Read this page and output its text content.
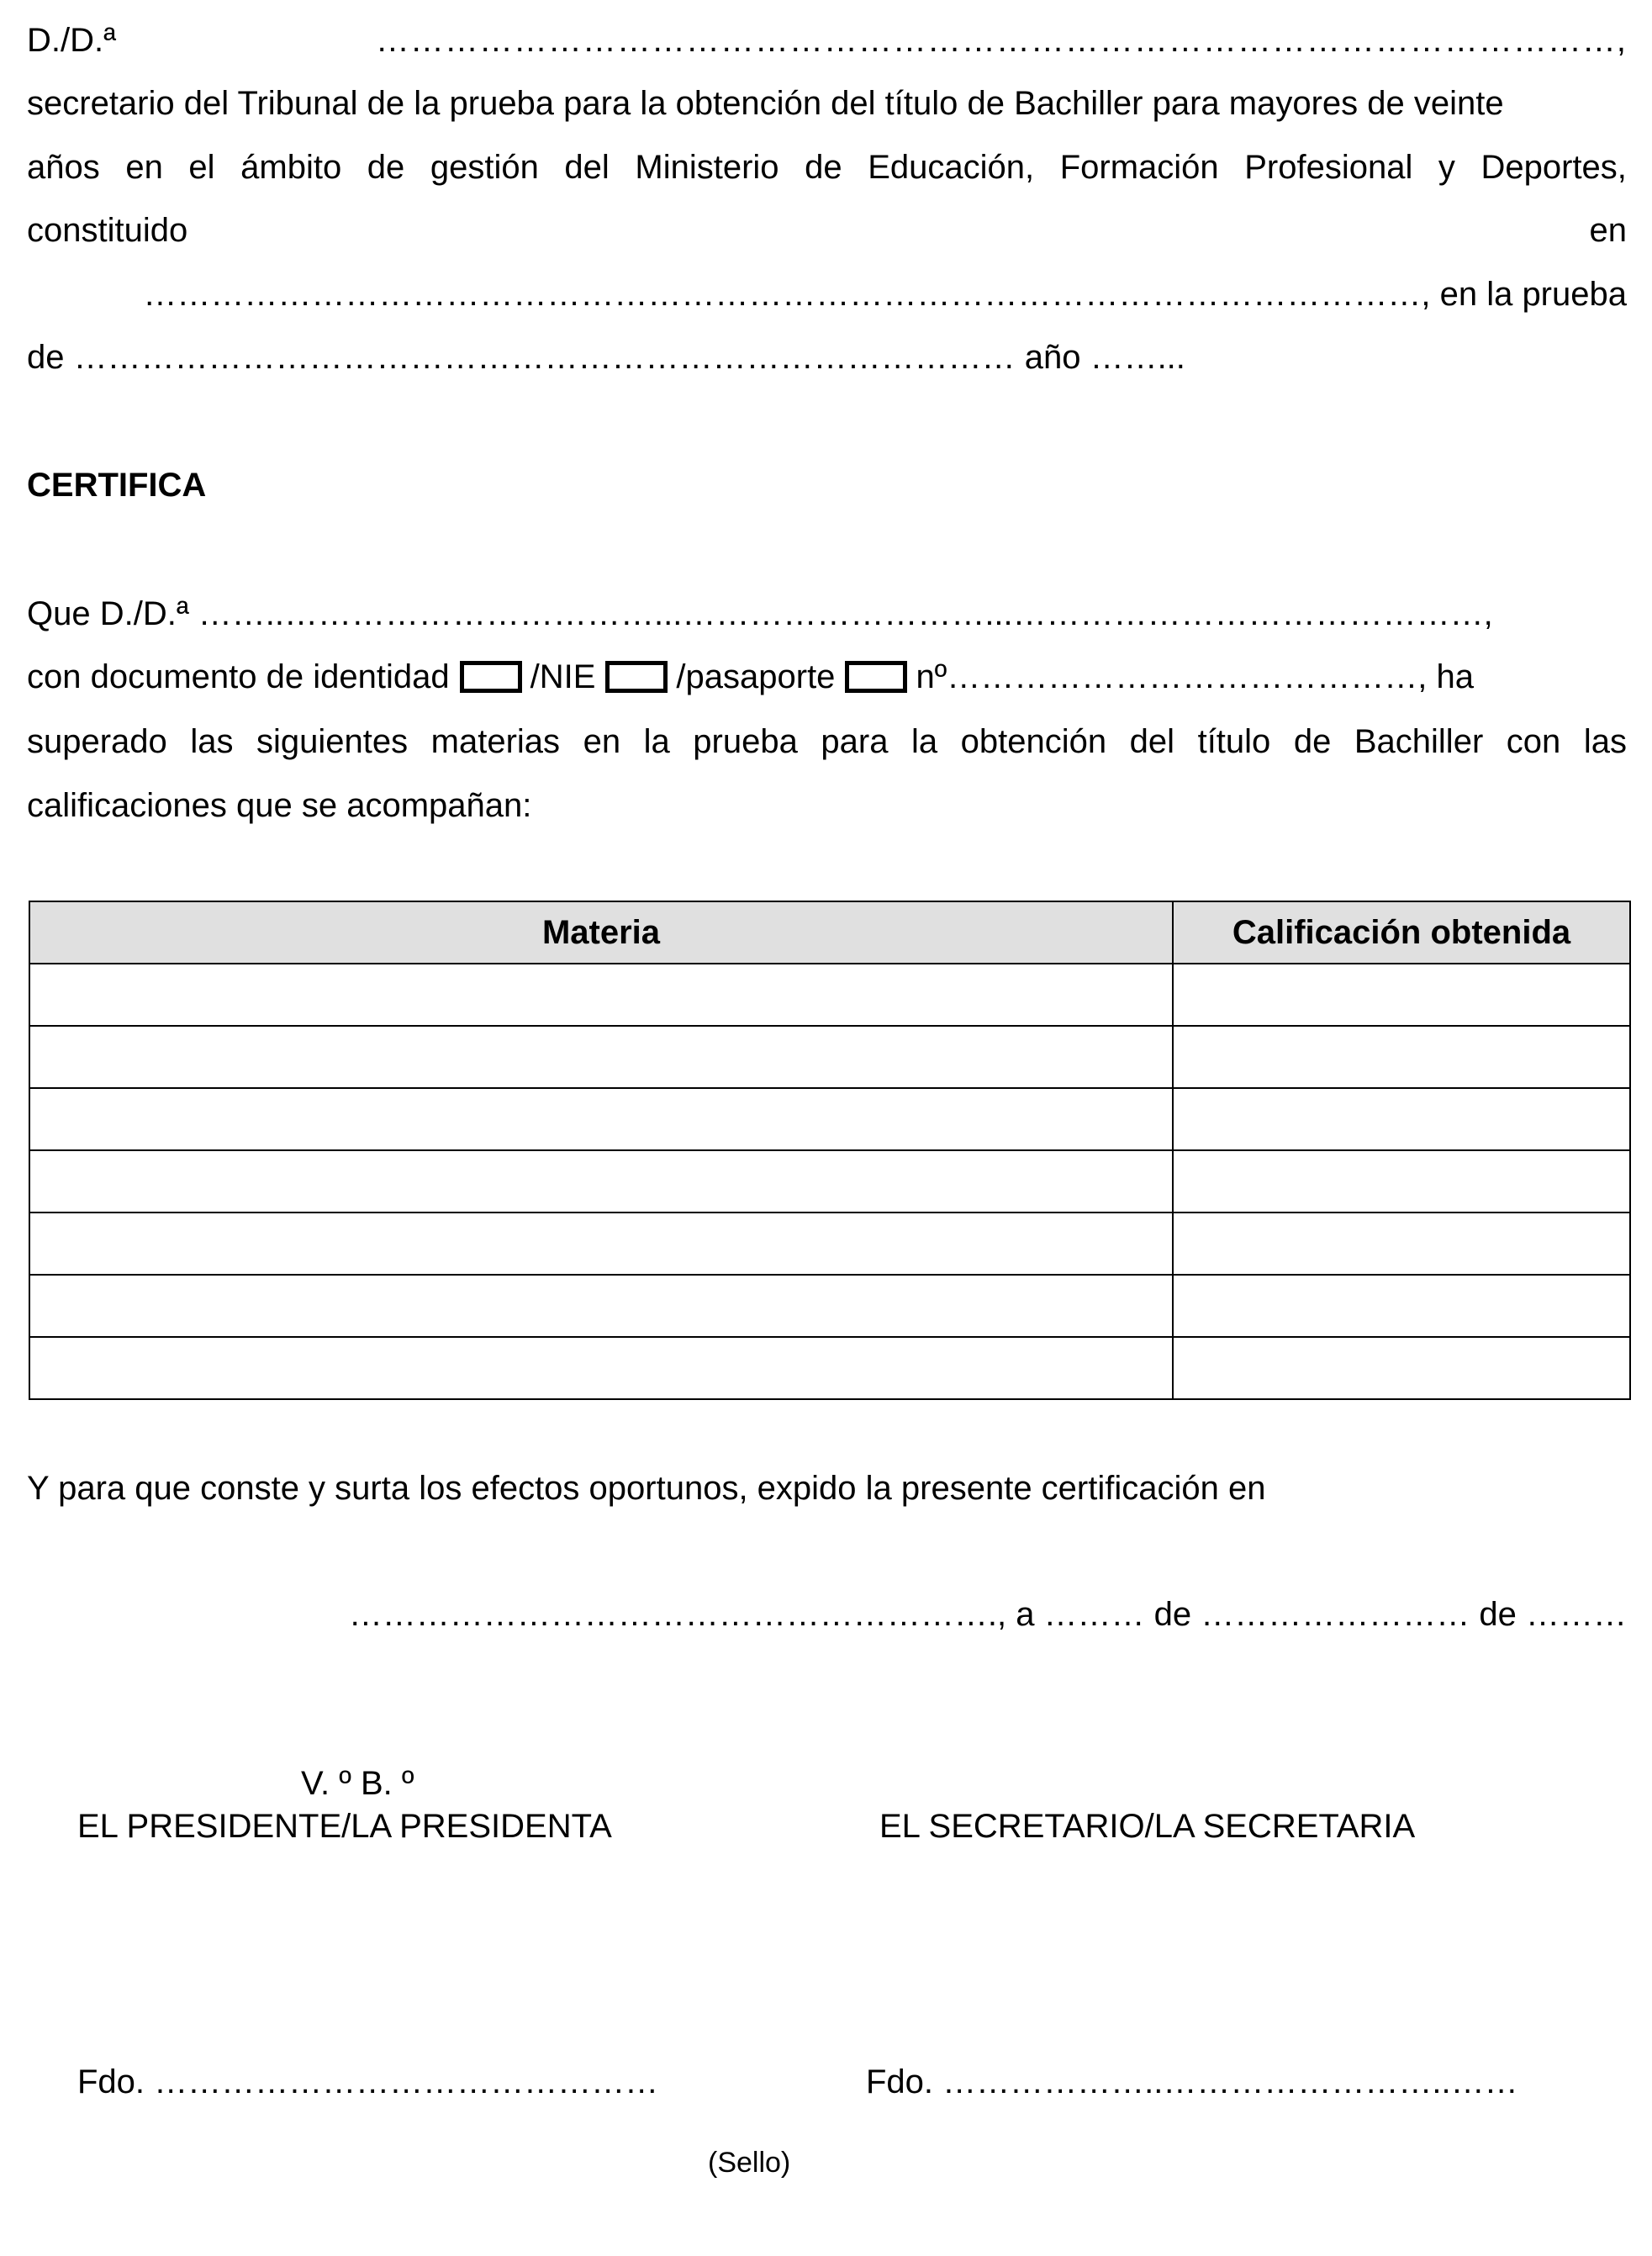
D./D.ª	………………………………………………………………………………………………,
secretario del Tribunal de la prueba para la obtención del título de Bachiller para mayores de veinte
años en el ámbito de gestión del Ministerio de Educación, Formación Profesional y Deportes,
constituido	en
……………………………………………………………………………………………………, en la prueba
de ………………………………………………………………………… año ……...
CERTIFICA
Que D./D.ª ……..……………………………...………………………...……………………………………,
con documento de identidad /NIE /pasaporte nº……………………………………, ha
superado las siguientes materias en la prueba para la obtención del título de Bachiller con las
calificaciones que se acompañan:
Materia	Calificación obtenida

Y para que conste y surta los efectos oportunos, expido la presente certificación en
…………………………………………………., a ……… de …………………… de ………
V. º B. º
EL PRESIDENTE/LA PRESIDENTA	EL SECRETARIO/LA SECRETARIA
Fdo. ………………………………………	Fdo. ………………..……………………..……
(Sello)
